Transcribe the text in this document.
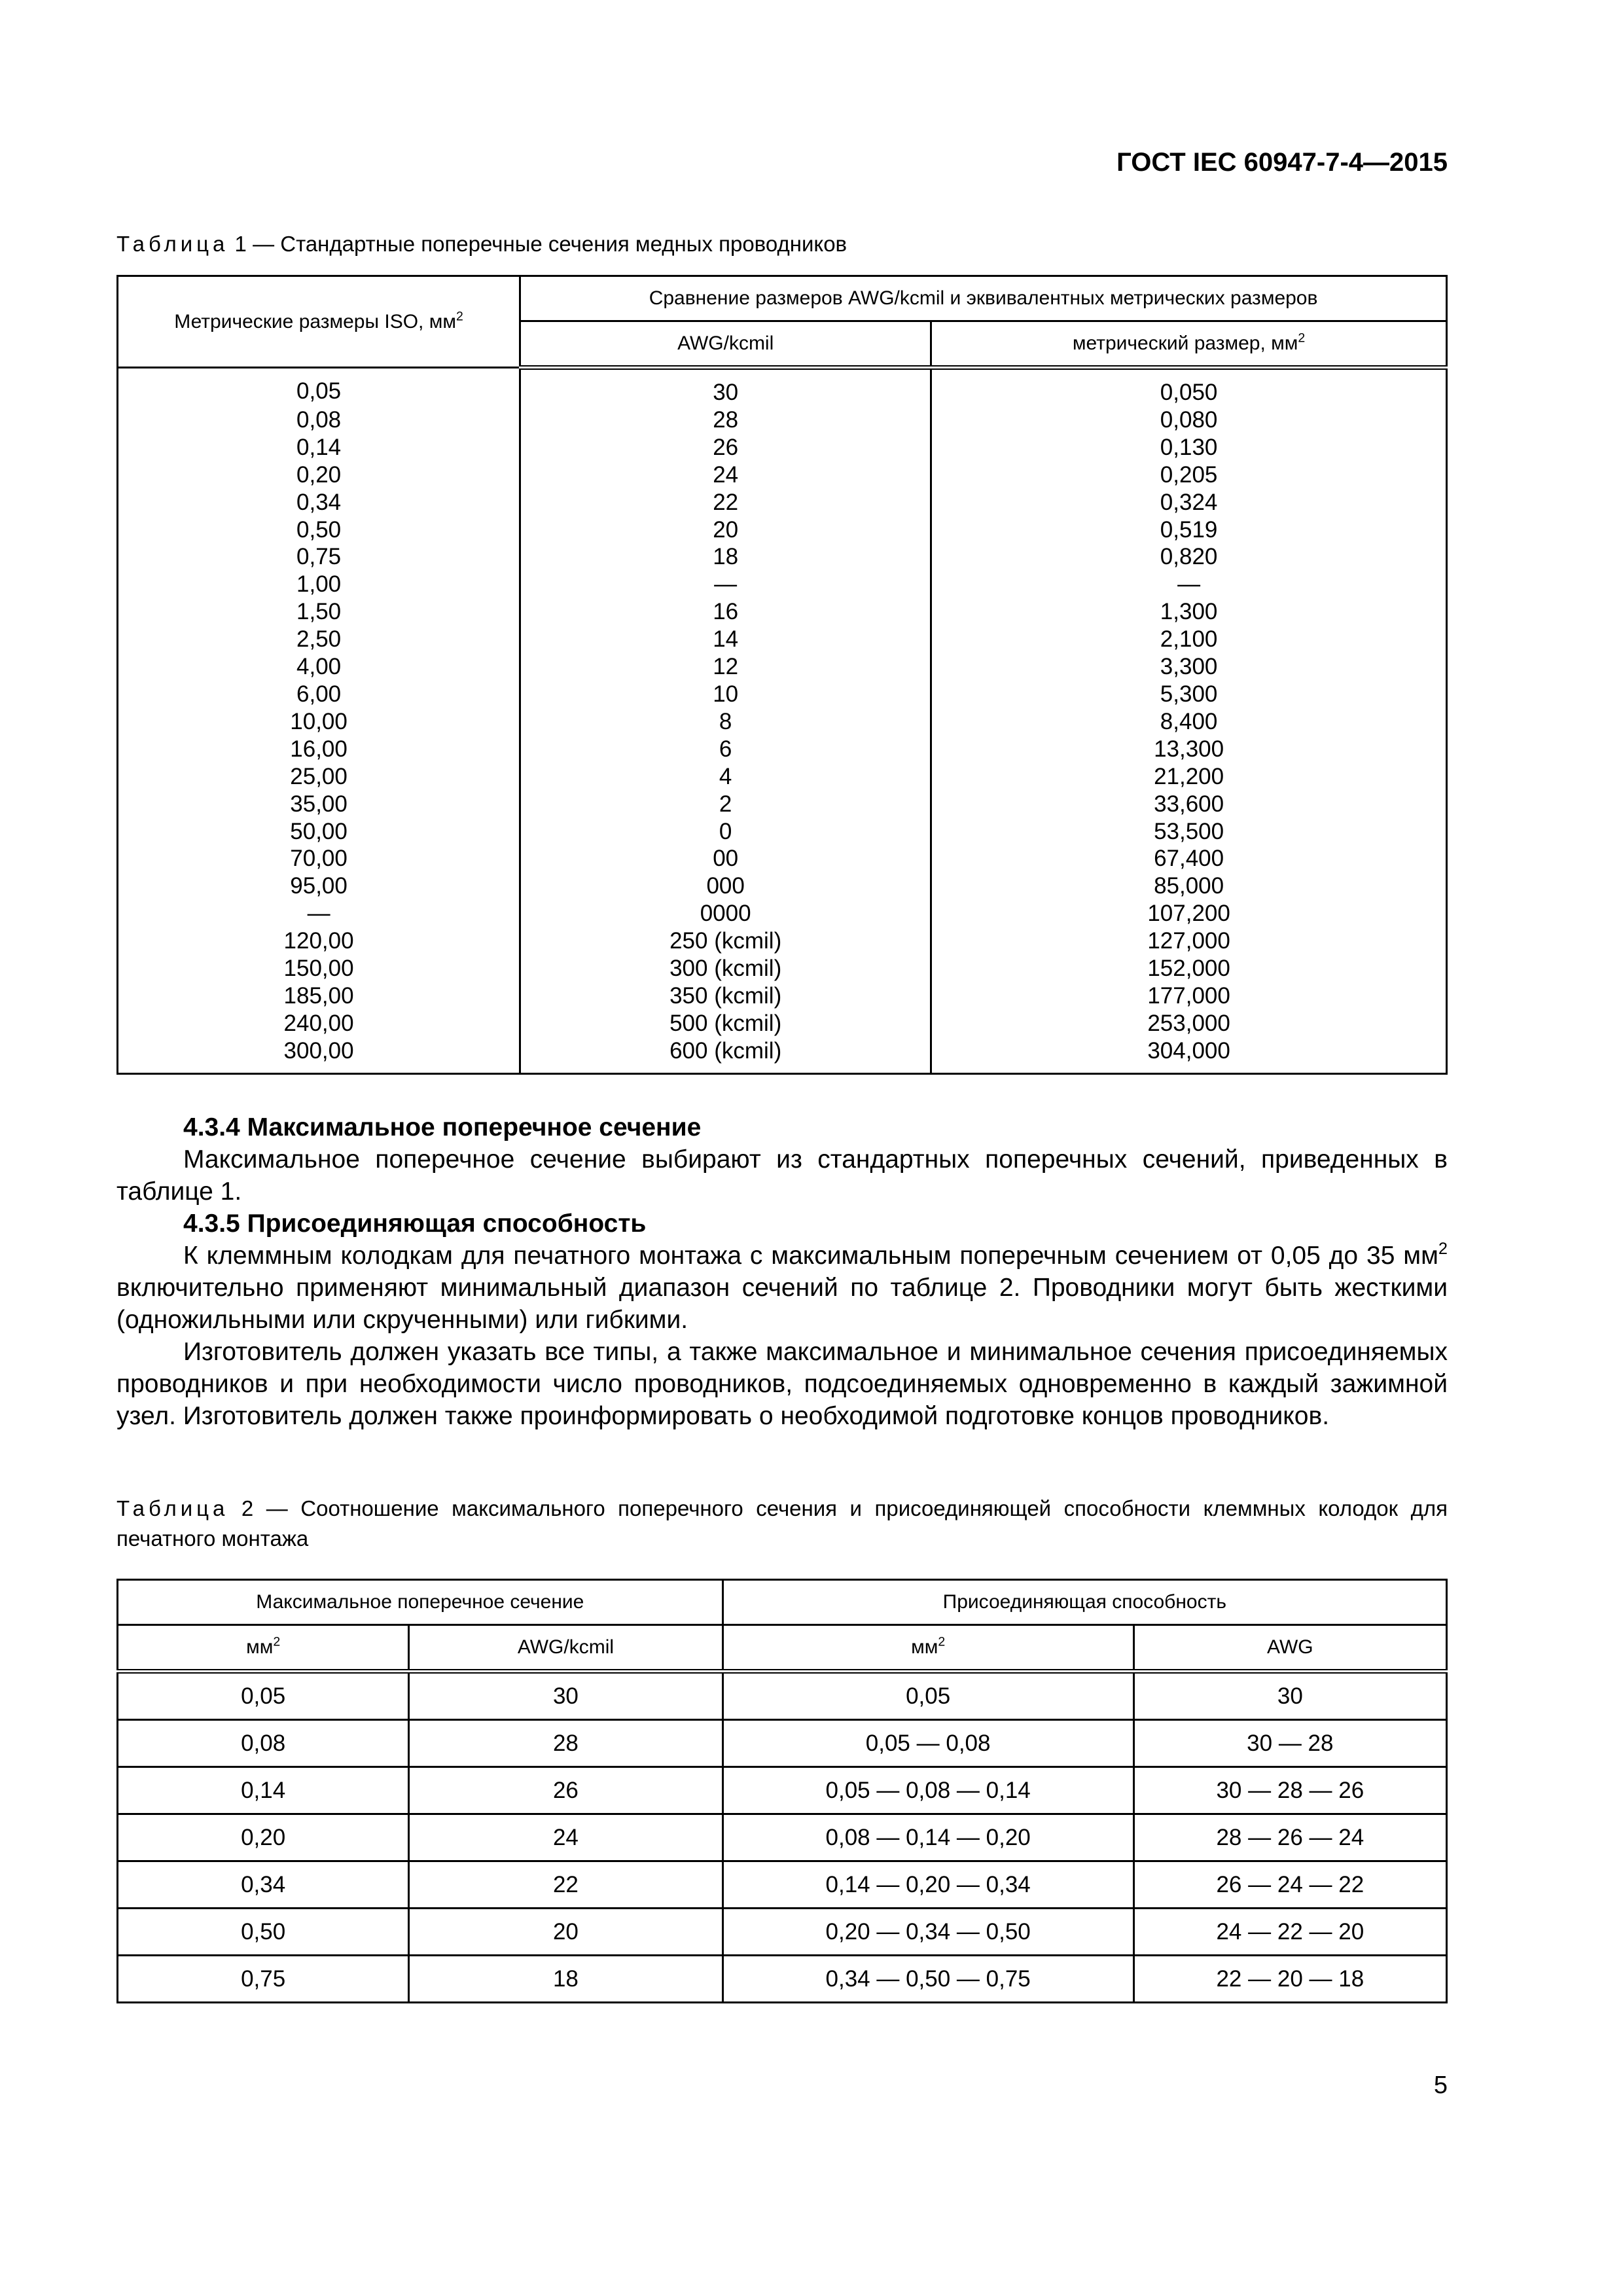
ГОСТ IEC 60947-7-4—2015
Таблица 1 — Стандартные поперечные сечения медных проводников
Метрические размеры ISO, $мм^2$	Сравнение размеров AWG/kcmil и эквивалентных метрических размеров	
	AWG/kcmil	метрический размер, $мм^2$
0,05	30	0,050
0,08	28	0,080
0,14	26	0,130
0,20	24	0,205
0,34	22	0,324
0,50	20	0,519
0,75	18	0,820
1,00	—	—
1,50	16	1,300
2,50	14	2,100
4,00	12	3,300
6,00	10	5,300
10,00	8	8,400
16,00	6	13,300
25,00	4	21,200
35,00	2	33,600
50,00	0	53,500
70,00	00	67,400
95,00	000	85,000
—	0000	107,200
120,00	250 (kcmil)	127,000
150,00	300 (kcmil)	152,000
185,00	350 (kcmil)	177,000
240,00	500 (kcmil)	253,000
300,00	600 (kcmil)	304,000
4.3.4 Максимальное поперечное сечение

Максимальное поперечное сечение выбирают из стандартных поперечных сечений, приведенных в таблице 1.

4.3.5 Присоединяющая способность

К клеммным колодкам для печатного монтажа с максимальным поперечным сечением от 0,05 до 35 $мм^2$ включительно применяют минимальный диапазон сечений по таблице 2. Проводники могут быть жесткими (одножильными или скрученными) или гибкими.

Изготовитель должен указать все типы, а также максимальное и минимальное сечения присоединяемых проводников и при необходимости число проводников, подсоединяемых одновременно в каждый зажимной узел. Изготовитель должен также проинформировать о необходимой подготовке концов проводников.

Таблица 2 — Соотношение максимального поперечного сечения и присоединяющей способности клеммных колодок для печатного монтажа
Максимальное поперечное сечение		Присоединяющая способность	
$мм^2$	AWG/kcmil	$мм^2$	AWG
0,05	30	0,05	30
0,08	28	0,05 — 0,08	30 — 28
0,14	26	0,05 — 0,08 — 0,14	30 — 28 — 26
0,20	24	0,08 — 0,14 — 0,20	28 — 26 — 24
0,34	22	0,14 — 0,20 — 0,34	26 — 24 — 22
0,50	20	0,20 — 0,34 — 0,50	24 — 22 — 20
0,75	18	0,34 — 0,50 — 0,75	22 — 20 — 18
5
